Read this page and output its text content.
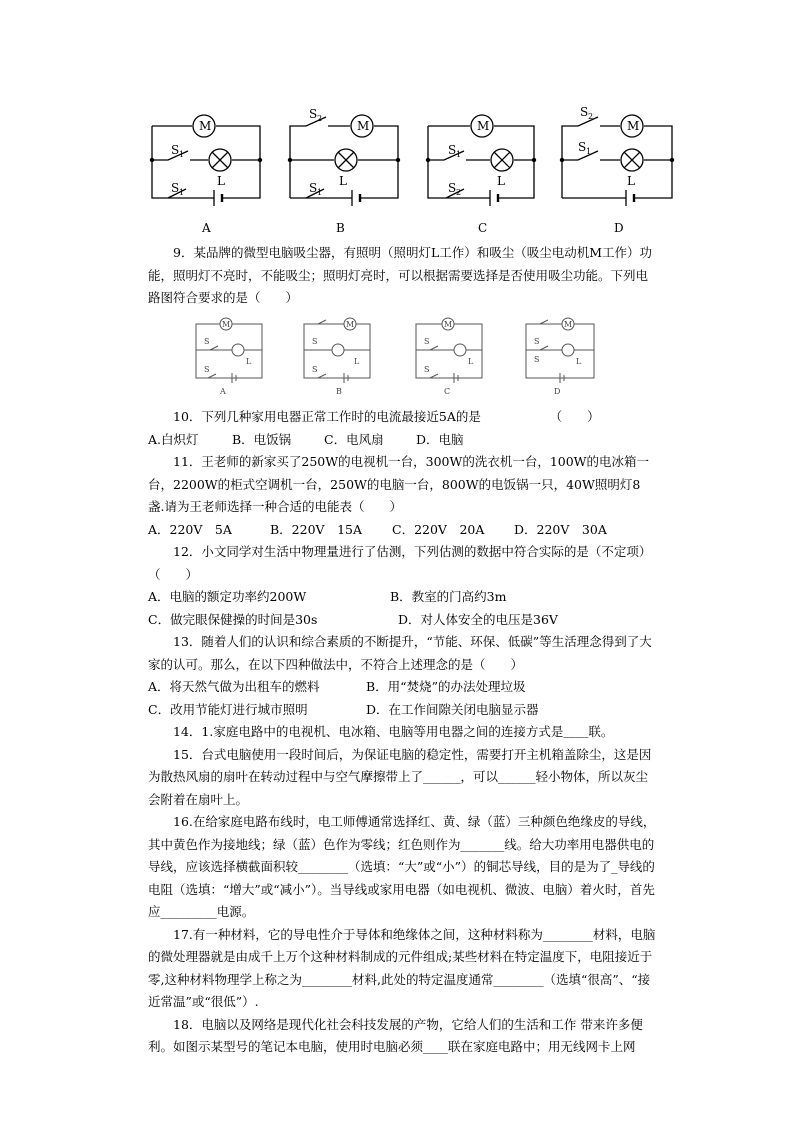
M
L
S 1
S 1
M
L
S 2
S 1
M
L
S 1
S 2
M
L
S 2
S 1
A	B	C	D

9．某品牌的微型电脑吸尘器，有照明（照明灯L工作）和吸尘（吸尘电动机M工作）功能，照明灯不亮时，不能吸尘；照明灯亮时，可以根据需要选择是否使用吸尘功能。下列电路图符合要求的是（　　）

M	M	M	M
L	L	L	L
S
S
S
S
S
S
S
S
A	B	C	D

10．下列几种家用电器正常工作时的电流最接近5A的是　　　　　　（　　）

A.白炽灯	B．电饭锅	C．电风扇	D．电脑

11．王老师的新家买了250W的电视机一台，300W的洗衣机一台，100W的电冰箱一台，2200W的柜式空调机一台，250W的电脑一台，800W的电饭锅一只，40W照明灯8盏.请为王老师选择一种合适的电能表（　　）

A．220V　5A	B．220V　15A	C．220V　20A	D．220V　30A

12．小文同学对生活中物理量进行了估测，下列估测的数据中符合实际的是（不定项）（　　）

A．电脑的额定功率约200W	B．教室的门高约3m

C．做完眼保健操的时间是30s	D．对人体安全的电压是36V

13．随着人们的认识和综合素质的不断提升，“节能、环保、低碳”等生活理念得到了大家的认可。那么，在以下四种做法中，不符合上述理念的是（　　）

A．将天然气做为出租车的燃料	B．用“焚烧”的办法处理垃圾

C．改用节能灯进行城市照明	D．在工作间隙关闭电脑显示器

14．1.家庭电路中的电视机、电冰箱、电脑等用电器之间的连接方式是＿＿联。

15．台式电脑使用一段时间后，为保证电脑的稳定性，需要打开主机箱盖除尘，这是因为散热风扇的扇叶在转动过程中与空气摩擦带上了______，可以______轻小物体，所以灰尘会附着在扇叶上。

16.在给家庭电路布线时，电工师傅通常选择红、黄、绿（蓝）三种颜色绝缘皮的导线，其中黄色作为接地线；绿（蓝）色作为零线；红色则作为_______线。给大功率用电器供电的导线，应该选择横截面积较________（选填：“大”或“小”）的铜芯导线，目的是为了_导线的电阻（选填：“增大”或“减小”）。当导线或家用电器（如电视机、微波、电脑）着火时，首先应_________电源。

17.有一种材料，它的导电性介于导体和绝缘体之间，这种材料称为________材料，电脑的微处理器就是由成千上万个这种材料制成的元件组成;某些材料在特定温度下，电阻接近于零,这种材料物理学上称之为________材料,此处的特定温度通常________（选填“很高”、“接近常温”或“很低”）.

18．电脑以及网络是现代化社会科技发展的产物，它给人们的生活和工作 带来许多便利。如图示某型号的笔记本电脑，使用时电脑必须____联在家庭电路中；用无线网卡上网
